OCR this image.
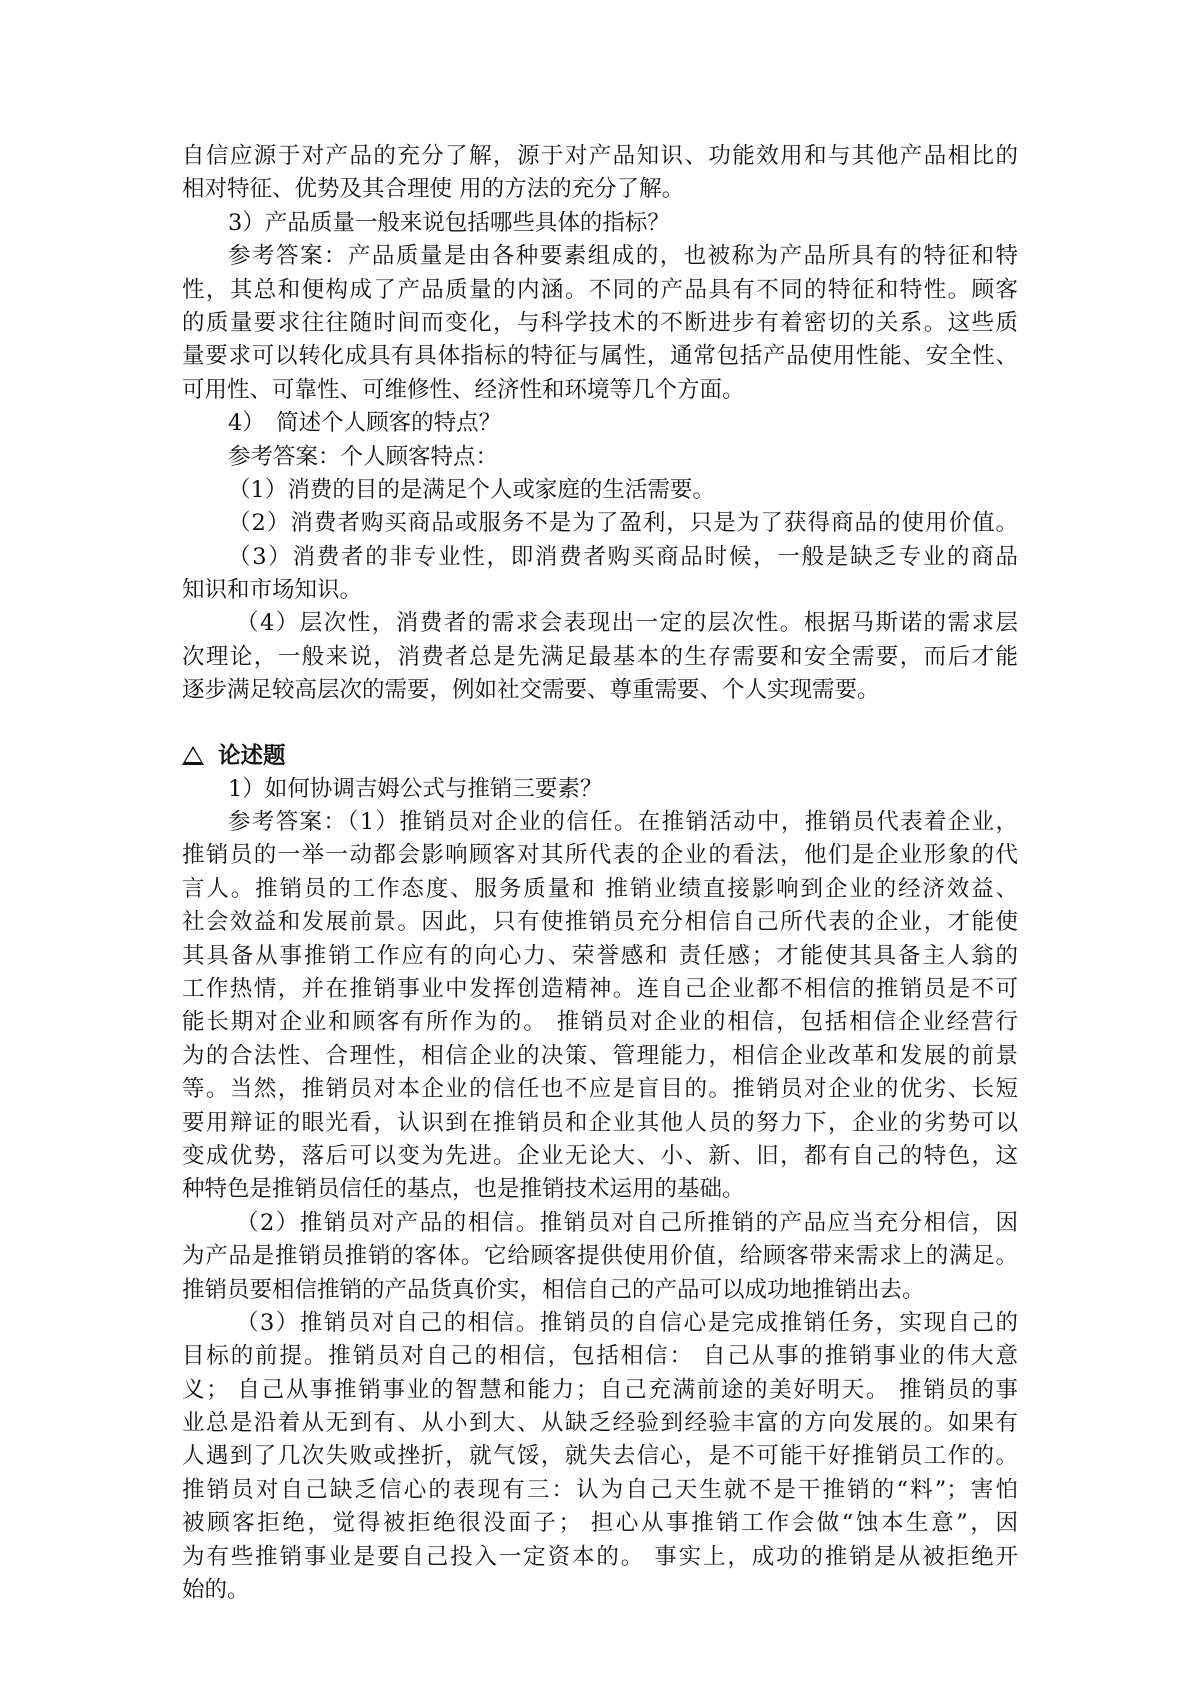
自信应源于对产品的充分了解，源于对产品知识、功能效用和与其他产品相比的
相对特征、优势及其合理使 用的方法的充分了解。
3）产品质量一般来说包括哪些具体的指标？
参考答案：产品质量是由各种要素组成的，也被称为产品所具有的特征和特
性，其总和便构成了产品质量的内涵。不同的产品具有不同的特征和特性。顾客
的质量要求往往随时间而变化，与科学技术的不断进步有着密切的关系。这些质
量要求可以转化成具有具体指标的特征与属性，通常包括产品使用性能、安全性、
可用性、可靠性、可维修性、经济性和环境等几个方面。
4）　简述个人顾客的特点？
参考答案：个人顾客特点：
（1）消费的目的是满足个人或家庭的生活需要。
（2）消费者购买商品或服务不是为了盈利，只是为了获得商品的使用价值。
（3）消费者的非专业性，即消费者购买商品时候，一般是缺乏专业的商品
知识和市场知识。
（4）层次性，消费者的需求会表现出一定的层次性。根据马斯诺的需求层
次理论，一般来说，消费者总是先满足最基本的生存需要和安全需要，而后才能
逐步满足较高层次的需要，例如社交需要、尊重需要、个人实现需要。
论述题
1）如何协调吉姆公式与推销三要素？
参考答案：（1）推销员对企业的信任。在推销活动中，推销员代表着企业，
推销员的一举一动都会影响顾客对其所代表的企业的看法，他们是企业形象的代
言人。推销员的工作态度、服务质量和 推销业绩直接影响到企业的经济效益、
社会效益和发展前景。因此，只有使推销员充分相信自己所代表的企业，才能使
其具备从事推销工作应有的向心力、荣誉感和 责任感；才能使其具备主人翁的
工作热情，并在推销事业中发挥创造精神。连自己企业都不相信的推销员是不可
能长期对企业和顾客有所作为的。 推销员对企业的相信，包括相信企业经营行
为的合法性、合理性，相信企业的决策、管理能力，相信企业改革和发展的前景
等。当然，推销员对本企业的信任也不应是盲目的。推销员对企业的优劣、长短
要用辩证的眼光看，认识到在推销员和企业其他人员的努力下，企业的劣势可以
变成优势，落后可以变为先进。企业无论大、小、新、旧，都有自己的特色，这
种特色是推销员信任的基点，也是推销技术运用的基础。
（2）推销员对产品的相信。推销员对自己所推销的产品应当充分相信，因
为产品是推销员推销的客体。它给顾客提供使用价值，给顾客带来需求上的满足。
推销员要相信推销的产品货真价实，相信自己的产品可以成功地推销出去。
（3）推销员对自己的相信。推销员的自信心是完成推销任务，实现自己的
目标的前提。推销员对自己的相信，包括相信： 自己从事的推销事业的伟大意
义； 自己从事推销事业的智慧和能力；自己充满前途的美好明天。 推销员的事
业总是沿着从无到有、从小到大、从缺乏经验到经验丰富的方向发展的。如果有
人遇到了几次失败或挫折，就气馁，就失去信心，是不可能干好推销员工作的。
推销员对自己缺乏信心的表现有三：认为自己天生就不是干推销的“料”；害怕
被顾客拒绝，觉得被拒绝很没面子； 担心从事推销工作会做“蚀本生意”，因
为有些推销事业是要自己投入一定资本的。 事实上，成功的推销是从被拒绝开
始的。
